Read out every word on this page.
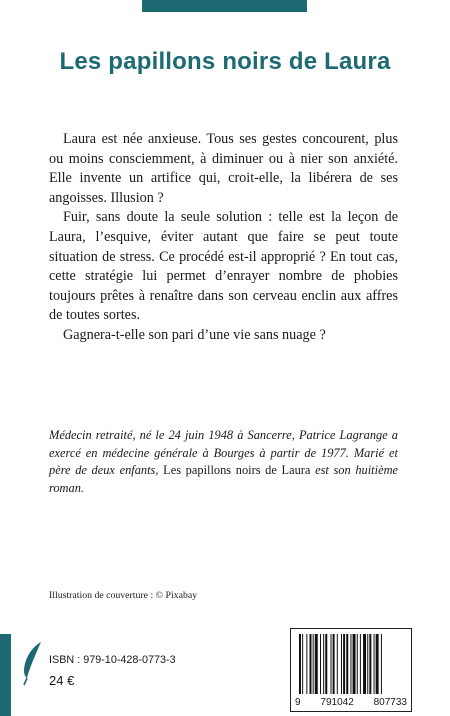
Les papillons noirs de Laura

Laura est née anxieuse. Tous ses gestes concourent, plus ou moins consciemment, à diminuer ou à nier son anxiété. Elle invente un artifice qui, croit-elle, la libérera de ses angoisses. Illusion ?

Fuir, sans doute la seule solution : telle est la leçon de Laura, l’esquive, éviter autant que faire se peut toute situation de stress. Ce procédé est-il approprié ? En tout cas, cette stratégie lui permet d’enrayer nombre de phobies toujours prêtes à renaître dans son cerveau enclin aux affres de toutes sortes.

Gagnera-t-elle son pari d’une vie sans nuage ?

Médecin retraité, né le 24 juin 1948 à Sancerre, Patrice Lagrange a exercé en médecine générale à Bourges à partir de 1977. Marié et père de deux enfants, Les papillons noirs de Laura est son huitième roman.
Illustration de couverture : © Pixabay
ISBN : 979-10-428-0773-3
24 €
9 791042 807733
